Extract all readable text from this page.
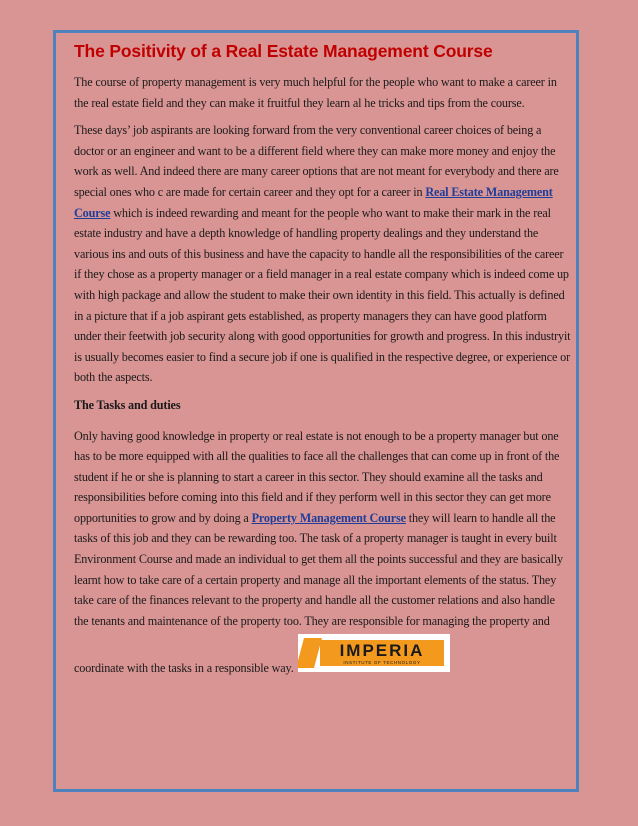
The Positivity of a Real Estate Management Course

The course of property management is very much helpful for the people who want to make a career in the real estate field and they can make it fruitful they learn al he tricks and tips from the course.

These days’ job aspirants are looking forward from the very conventional career choices of being a doctor or an engineer and want to be a different field where they can make more money and enjoy the work as well. And indeed there are many career options that are not meant for everybody and there are special ones who c are made for certain career and they opt for a career in Real Estate Management Course which is indeed rewarding and meant for the people who want to make their mark in the real estate industry and have a depth knowledge of handling property dealings and they understand the various ins and outs of this business and have the capacity to handle all the responsibilities of the career if they chose as a property manager or a field manager in a real estate company which is indeed come up with high package and allow the student to make their own identity in this field. This actually is defined in a picture that if a job aspirant gets established, as property managers they can have good platform under their feetwith job security along with good opportunities for growth and progress. In this industryit is usually becomes easier to find a secure job if one is qualified in the respective degree, or experience or both the aspects.

The Tasks and duties

Only having good knowledge in property or real estate is not enough to be a property manager but one has to be more equipped with all the qualities to face all the challenges that can come up in front of the student if he or she is planning to start a career in this sector. They should examine all the tasks and responsibilities before coming into this field and if they perform well in this sector they can get more opportunities to grow and by doing a Property Management Course they will learn to handle all the tasks of this job and they can be rewarding too. The task of a property manager is taught in every built Environment Course and made an individual to get them all the points successful and they are basically learnt how to take care of a certain property and manage all the important elements of the status. They take care of the finances relevant to the property and handle all the customer relations and also handle the tenants and maintenance of the property too. They are responsible for managing the property and

coordinate with the tasks in a responsible way.
IMPERIA
INSTITUTE OF TECHNOLOGY
